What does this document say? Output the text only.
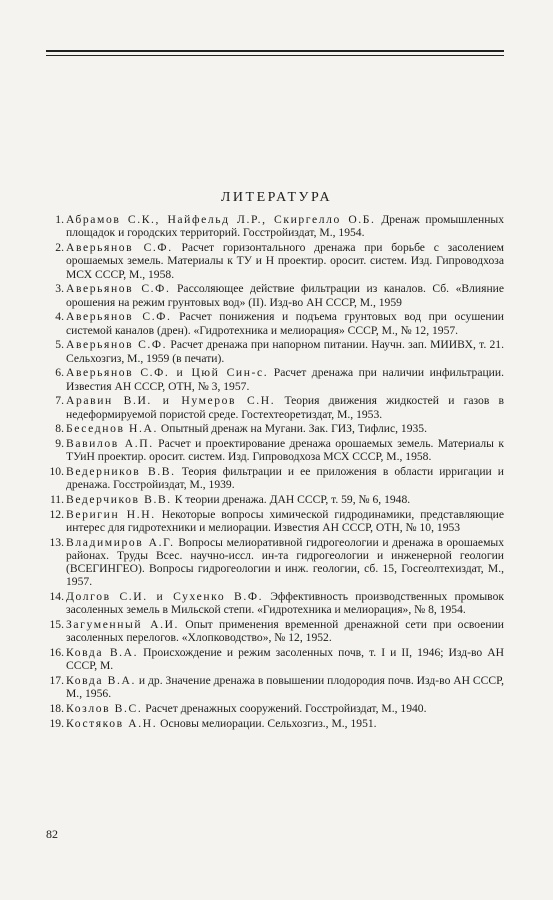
ЛИТЕРАТУРА
1. Абрамов С.К., Найфельд Л.Р., Скиргелло О.Б. Дренаж промышленных площадок и городских территорий. Госстройиздат, М., 1954.
2. Аверьянов С.Ф. Расчет горизонтального дренажа при борьбе с засолением орошаемых земель. Материалы к ТУ и Н проектир. оросит. систем. Изд. Гипроводхоза МСХ СССР, М., 1958.
3. Аверьянов С.Ф. Рассоляющее действие фильтрации из каналов. Сб. «Влияние орошения на режим грунтовых вод» (II). Изд-во АН СССР, М., 1959
4. Аверьянов С.Ф. Расчет понижения и подъема грунтовых вод при осушении системой каналов (дрен). «Гидротехника и мелиорация» СССР, М., № 12, 1957.
5. Аверьянов С.Ф. Расчет дренажа при напорном питании. Научн. зап. МИИВХ, т. 21. Сельхозгиз, М., 1959 (в печати).
6. Аверьянов С.Ф. и Цюй Син-с. Расчет дренажа при наличии инфильтрации. Известия АН СССР, ОТН, № 3, 1957.
7. Аравин В.И. и Нумеров С.Н. Теория движения жидкостей и газов в недеформируемой пористой среде. Гостехтеоретиздат, М., 1953.
8. Беседнов Н.А. Опытный дренаж на Мугани. Зак. ГИЗ, Тифлис, 1935.
9. Вавилов А.П. Расчет и проектирование дренажа орошаемых земель. Материалы к ТУиН проектир. оросит. систем. Изд. Гипроводхоза МСХ СССР, М., 1958.
10. Ведерников В.В. Теория фильтрации и ее приложения в области ирригации и дренажа. Госстройиздат, М., 1939.
11. Ведерчиков В.В. К теории дренажа. ДАН СССР, т. 59, № 6, 1948.
12. Веригин Н.Н. Некоторые вопросы химической гидродинамики, представляющие интерес для гидротехники и мелиорации. Известия АН СССР, ОТН, № 10, 1953
13. Владимиров А.Г. Вопросы мелиоративной гидрогеологии и дренажа в орошаемых районах. Труды Всес. научно-иссл. ин-та гидрогеологии и инженерной геологии (ВСЕГИНГЕО). Вопросы гидрогеологии и инж. геологии, сб. 15, Госгеолтехиздат, М., 1957.
14. Долгов С.И. и Сухенко В.Ф. Эффективность производственных промывок засоленных земель в Мильской степи. «Гидротехника и мелиорация», № 8, 1954.
15. Загуменный А.И. Опыт применения временной дренажной сети при освоении засоленных перелогов. «Хлопководство», № 12, 1952.
16. Ковда В.А. Происхождение и режим засоленных почв, т. I и II, 1946; Изд-во АН СССР, М.
17. Ковда В.А. и др. Значение дренажа в повышении плодородия почв. Изд-во АН СССР, М., 1956.
18. Козлов В.С. Расчет дренажных сооружений. Госстройиздат, М., 1940.
19. Костяков А.Н. Основы мелиорации. Сельхозгиз., М., 1951.
82
